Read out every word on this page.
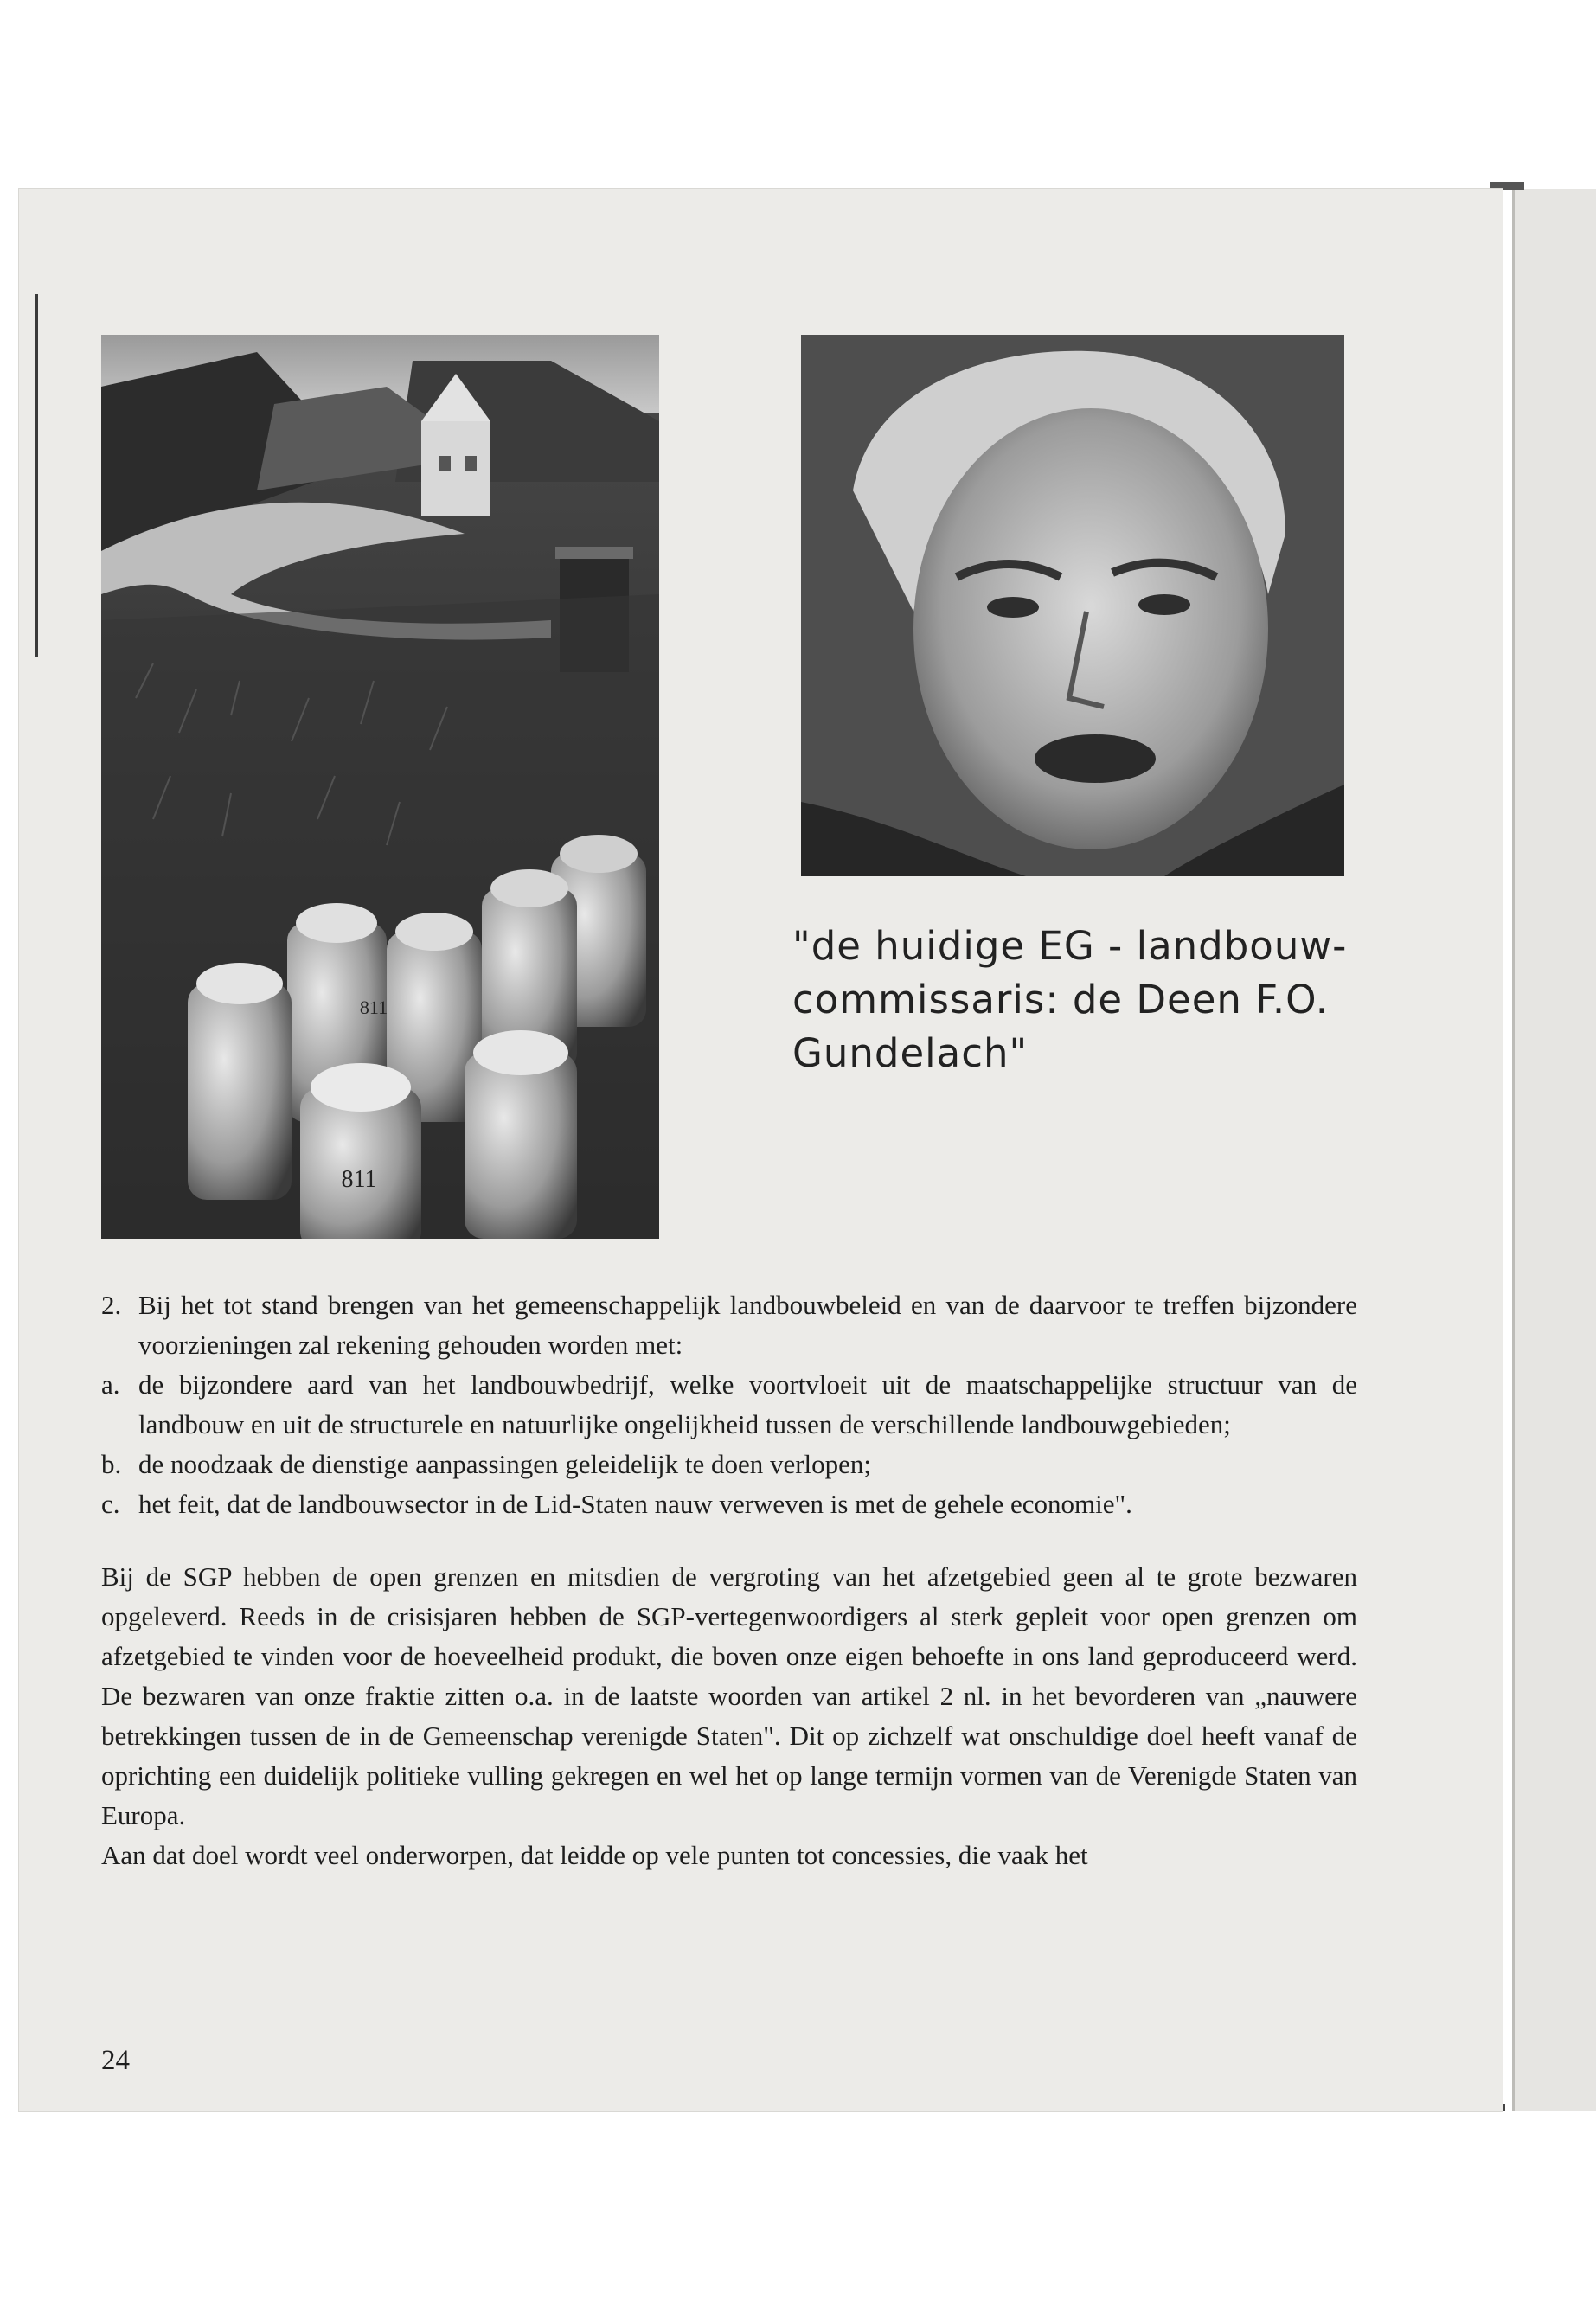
811
811
"de huidige EG - landbouw-
commissaris: de Deen F.O.
Gundelach"
2. Bij het tot stand brengen van het gemeenschappelijk landbouwbeleid en van de daarvoor te treffen bijzondere voorzieningen zal rekening gehouden worden met:
a. de bijzondere aard van het landbouwbedrijf, welke voortvloeit uit de maatschappelijke structuur van de landbouw en uit de structurele en natuurlijke ongelijkheid tussen de verschillende landbouwgebieden;
b. de noodzaak de dienstige aanpassingen geleidelijk te doen verlopen;
c. het feit, dat de landbouwsector in de Lid-Staten nauw verweven is met de gehele economie".
Bij de SGP hebben de open grenzen en mitsdien de vergroting van het afzetgebied geen al te grote bezwaren opgeleverd. Reeds in de crisisjaren hebben de SGP-vertegenwoordigers al sterk gepleit voor open grenzen om afzetgebied te vinden voor de hoeveelheid produkt, die boven onze eigen behoefte in ons land geproduceerd werd. De bezwaren van onze fraktie zitten o.a. in de laatste woorden van artikel 2 nl. in het bevorderen van „nauwere betrekkingen tussen de in de Gemeenschap verenigde Staten". Dit op zichzelf wat onschuldige doel heeft vanaf de oprichting een duidelijk politieke vulling gekregen en wel het op lange termijn vormen van de Verenigde Staten van Europa.
Aan dat doel wordt veel onderworpen, dat leidde op vele punten tot concessies, die vaak het
24
